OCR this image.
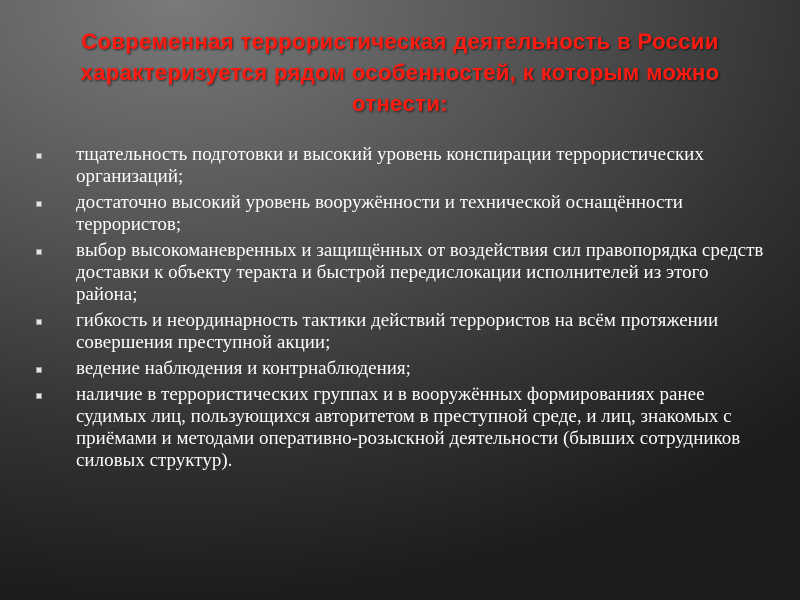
Современная террористическая деятельность в России характеризуется рядом особенностей, к которым можно отнести:
тщательность подготовки и высокий уровень конспирации террористических организаций;
достаточно высокий уровень вооружённости и технической оснащённости террористов;
выбор высокоманевренных и защищённых от воздействия сил правопорядка средств доставки к объекту теракта и быстрой передислокации исполнителей из этого района;
гибкость и неординарность тактики действий террористов на всём протяжении совершения преступной акции;
ведение наблюдения и контрнаблюдения;
наличие в террористических группах и в вооружённых формированиях ранее судимых лиц, пользующихся авторитетом в преступной среде, и лиц, знакомых с приёмами и методами оперативно-розыскной деятельности (бывших сотрудников силовых структур).
